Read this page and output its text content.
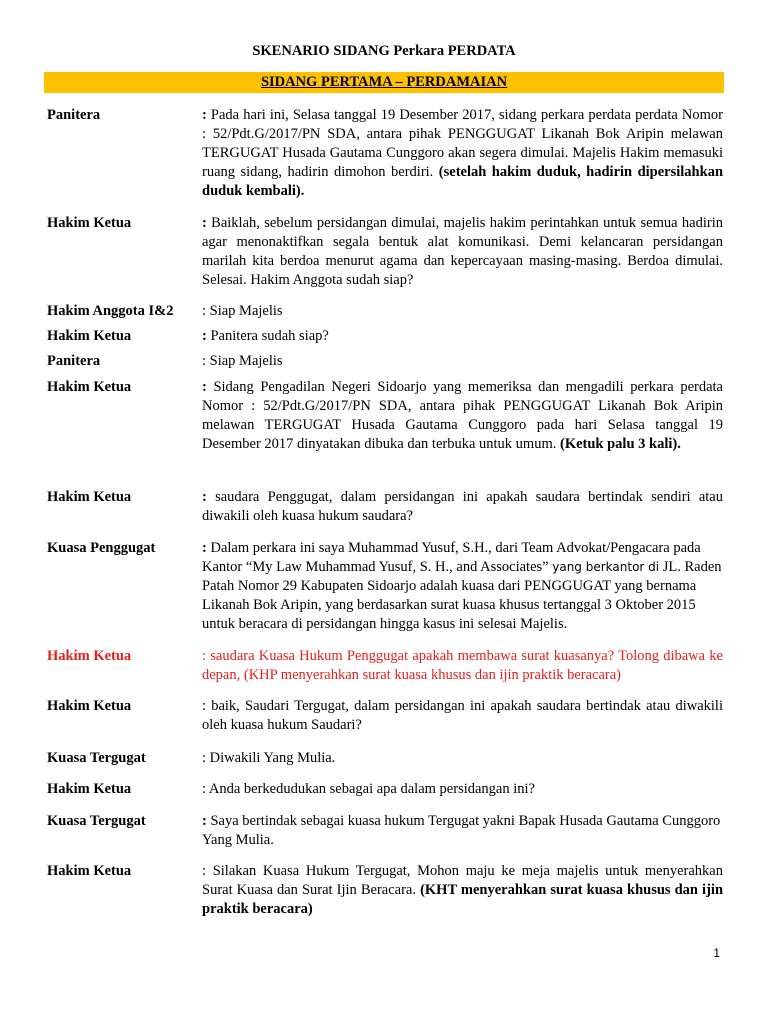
SKENARIO SIDANG Perkara PERDATA
SIDANG PERTAMA – PERDAMAIAN
Panitera	: Pada hari ini, Selasa tanggal 19 Desember 2017, sidang perkara perdata perdata Nomor : 52/Pdt.G/2017/PN SDA, antara pihak PENGGUGAT Likanah Bok Aripin melawan TERGUGAT Husada Gautama Cunggoro akan segera dimulai. Majelis Hakim memasuki ruang sidang, hadirin dimohon berdiri. (setelah hakim duduk, hadirin dipersilahkan duduk kembali).
Hakim Ketua	: Baiklah, sebelum persidangan dimulai, majelis hakim perintahkan untuk semua hadirin agar menonaktifkan segala bentuk alat komunikasi. Demi kelancaran persidangan marilah kita berdoa menurut agama dan kepercayaan masing-masing. Berdoa dimulai. Selesai. Hakim Anggota sudah siap?
Hakim Anggota I&2	: Siap Majelis
Hakim Ketua	: Panitera sudah siap?
Panitera	: Siap Majelis
Hakim Ketua	: Sidang Pengadilan Negeri Sidoarjo yang memeriksa dan mengadili perkara perdata Nomor : 52/Pdt.G/2017/PN SDA, antara pihak PENGGUGAT Likanah Bok Aripin melawan TERGUGAT Husada Gautama Cunggoro pada hari Selasa tanggal 19 Desember 2017 dinyatakan dibuka dan terbuka untuk umum. (Ketuk palu 3 kali).
Hakim Ketua	: saudara Penggugat, dalam persidangan ini apakah saudara bertindak sendiri atau diwakili oleh kuasa hukum saudara?
Kuasa Penggugat	: Dalam perkara ini saya Muhammad Yusuf, S.H., dari Team Advokat/Pengacara pada Kantor “My Law Muhammad Yusuf, S. H., and Associates” yang berkantor di JL. Raden Patah Nomor 29 Kabupaten Sidoarjo adalah kuasa dari PENGGUGAT yang bernama Likanah Bok Aripin, yang berdasarkan surat kuasa khusus tertanggal 3 Oktober 2015 untuk beracara di persidangan hingga kasus ini selesai Majelis.
Hakim Ketua	: saudara Kuasa Hukum Penggugat apakah membawa surat kuasanya? Tolong dibawa ke depan, (KHP menyerahkan surat kuasa khusus dan ijin praktik beracara)
Hakim Ketua	: baik, Saudari Tergugat, dalam persidangan ini apakah saudara bertindak atau diwakili oleh kuasa hukum Saudari?
Kuasa Tergugat	: Diwakili Yang Mulia.
Hakim Ketua	: Anda berkedudukan sebagai apa dalam persidangan ini?
Kuasa Tergugat	: Saya bertindak sebagai kuasa hukum Tergugat yakni Bapak Husada Gautama Cunggoro Yang Mulia.
Hakim Ketua	: Silakan Kuasa Hukum Tergugat, Mohon maju ke meja majelis untuk menyerahkan Surat Kuasa dan Surat Ijin Beracara. (KHT menyerahkan surat kuasa khusus dan ijin praktik beracara)
1
